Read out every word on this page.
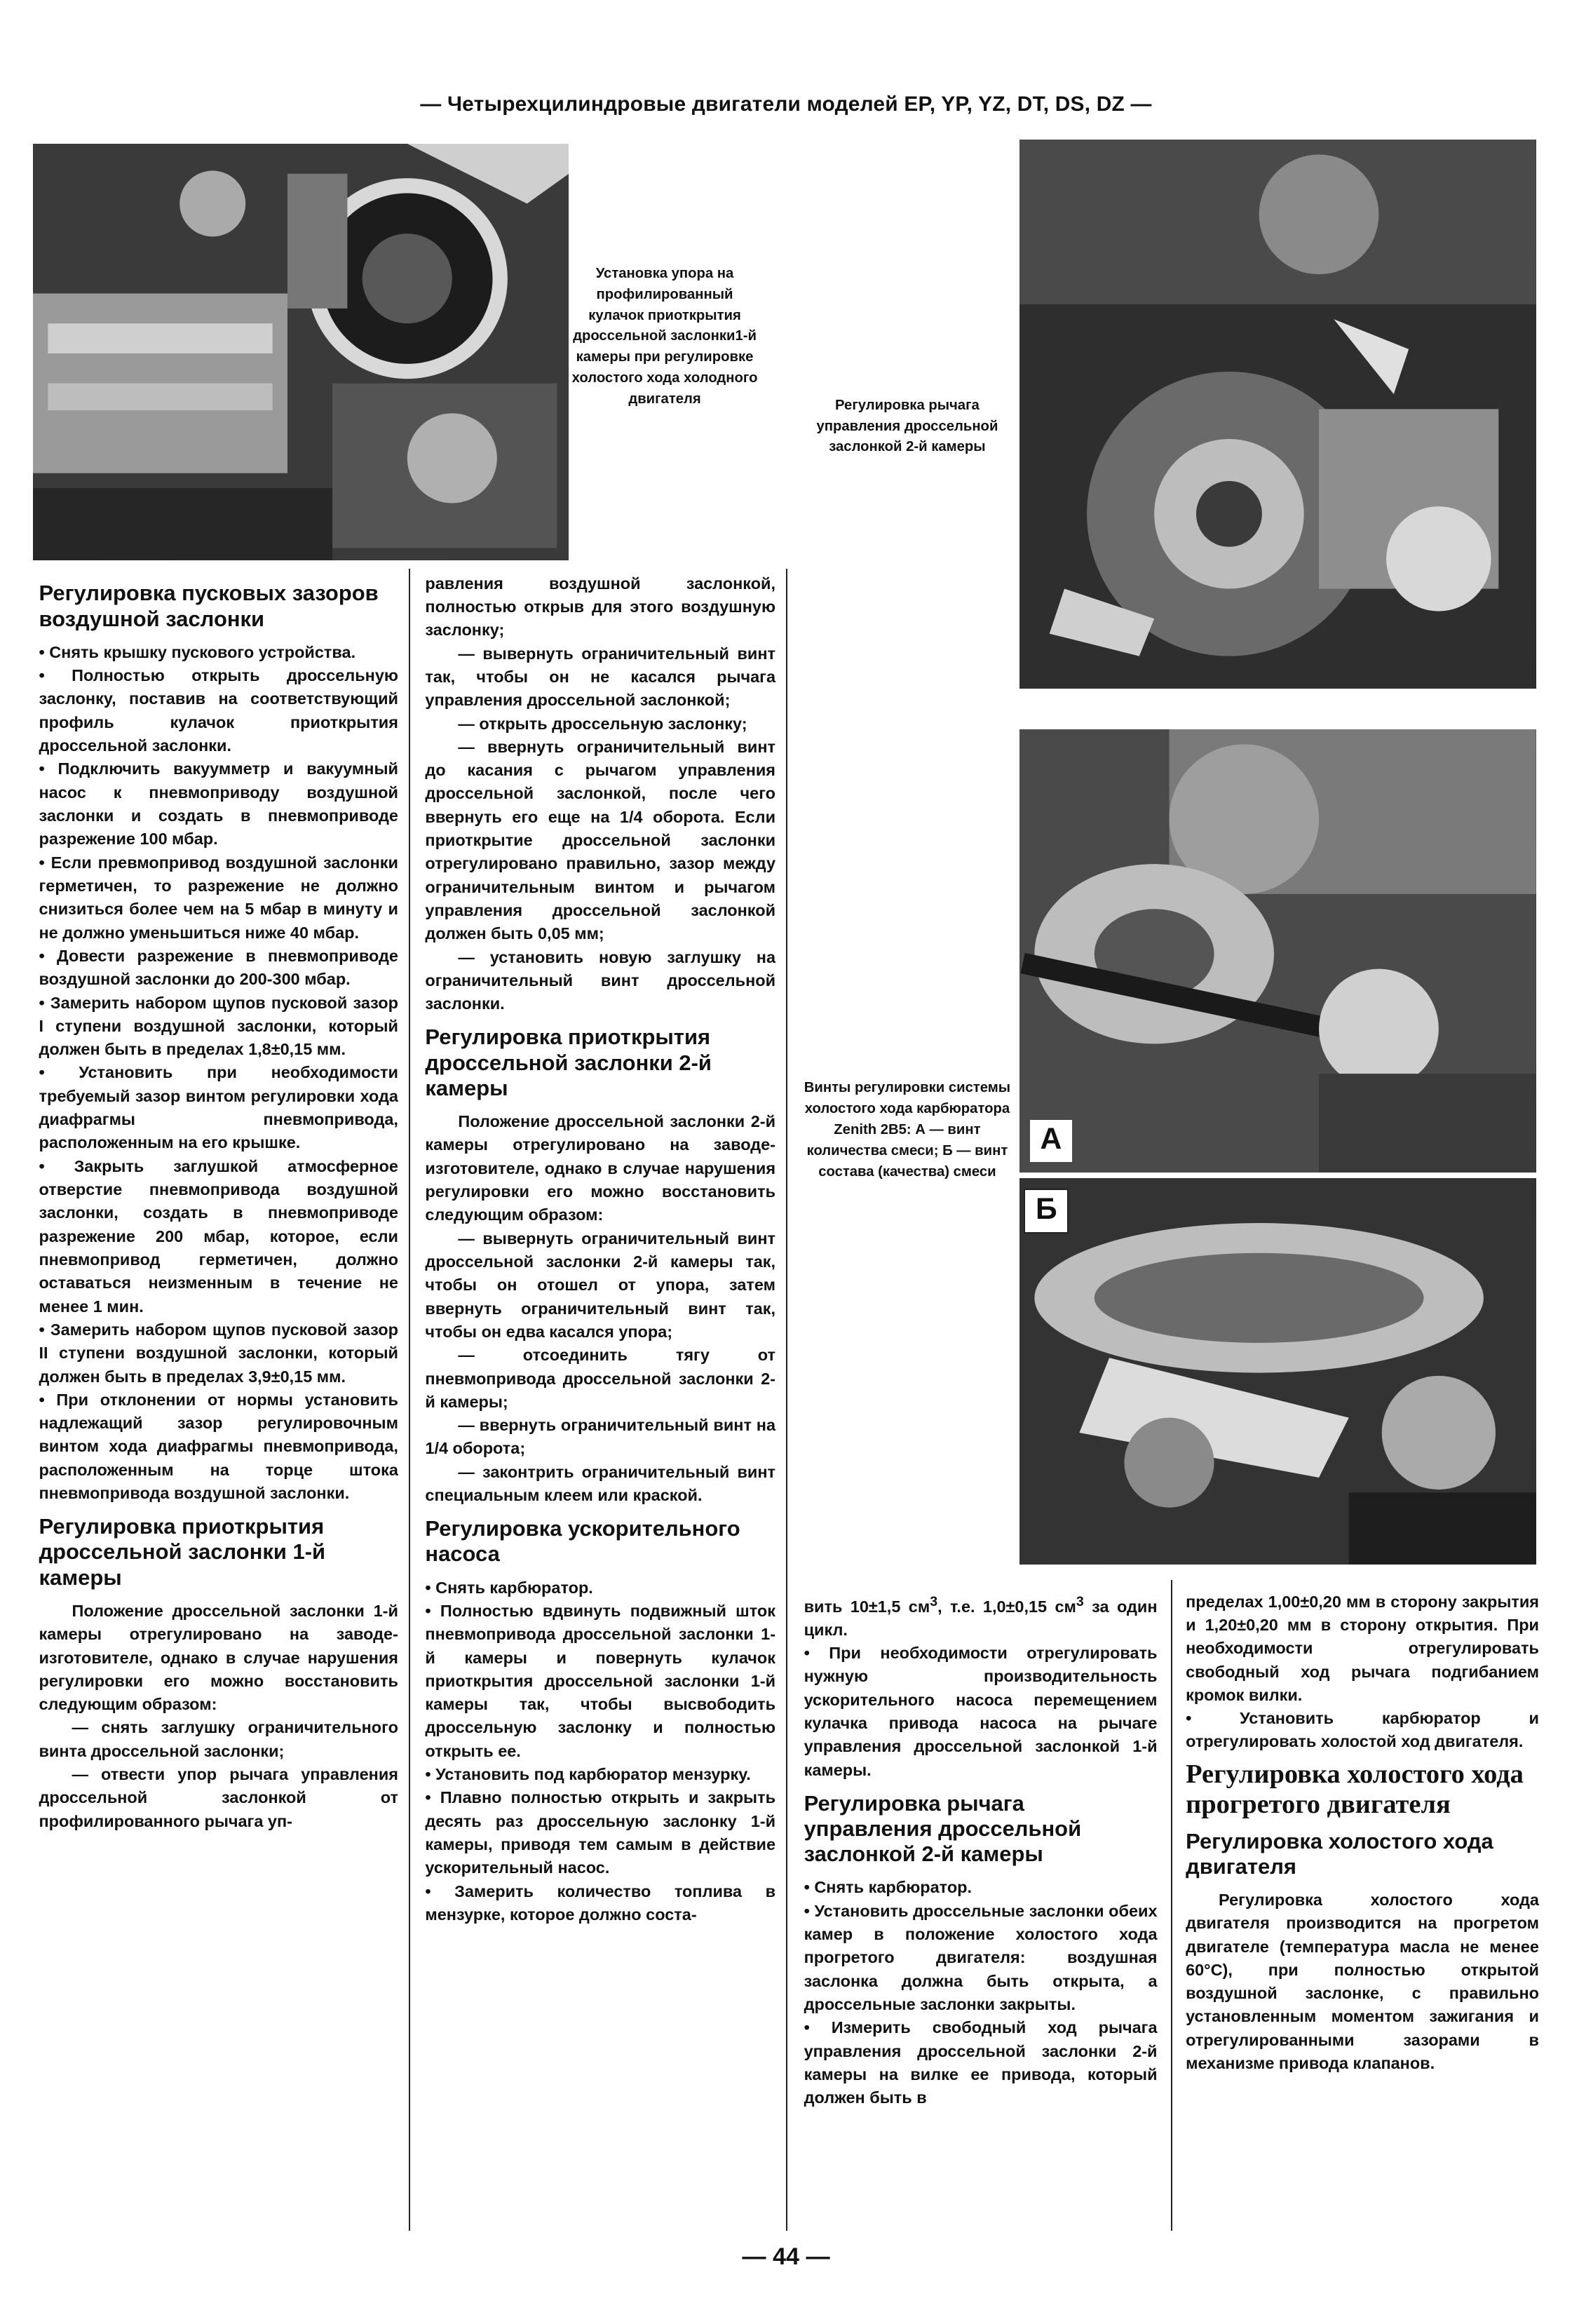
— Четырехцилиндровые двигатели моделей EP, YP, YZ, DT, DS, DZ —
Установка упора на профилированный кулачок приоткрытия дроссельной заслонки1-й камеры при регулировке холостого хода холодного двигателя	Регулировка рычага управления дроссельной заслонкой 2-й камеры
А
Винты регулировки системы холостого хода карбюратора Zenith 2В5: А — винт количества смеси; Б — винт состава (качества) смеси
Б
Регулировка пусковых зазоров воздушной заслонки

• Снять крышку пускового устройства.

• Полностью открыть дроссельную заслонку, поставив на соответствующий профиль кулачок приоткрытия дроссельной заслонки.

• Подключить вакуумметр и вакуумный насос к пневмоприводу воздушной заслонки и создать в пневмоприводе разрежение 100 мбар.

• Если превмопривод воздушной заслонки герметичен, то разрежение не должно снизиться более чем на 5 мбар в минуту и не должно уменьшиться ниже 40 мбар.

• Довести разрежение в пневмоприводе воздушной заслонки до 200-300 мбар.

• Замерить набором щупов пусковой зазор I ступени воздушной заслонки, который должен быть в пределах 1,8±0,15 мм.

• Установить при необходимости требуемый зазор винтом регулировки хода диафрагмы пневмопривода, расположенным на его крышке.

• Закрыть заглушкой атмосферное отверстие пневмопривода воздушной заслонки, создать в пневмоприводе разрежение 200 мбар, которое, если пневмопривод герметичен, должно оставаться неизменным в течение не менее 1 мин.

• Замерить набором щупов пусковой зазор II ступени воздушной заслонки, который должен быть в пределах 3,9±0,15 мм.

• При отклонении от нормы установить надлежащий зазор регулировочным винтом хода диафрагмы пневмопривода, расположенным на торце штока пневмопривода воздушной заслонки.

Регулировка приоткрытия дроссельной заслонки 1-й камеры

Положение дроссельной заслонки 1-й камеры отрегулировано на заводе-изготовителе, однако в случае нарушения регулировки его можно восстановить следующим образом:

— снять заглушку ограничительного винта дроссельной заслонки;

— отвести упор рычага управления дроссельной заслонкой от профилированного рычага уп-

равления воздушной заслонкой, полностью открыв для этого воздушную заслонку;

— вывернуть ограничительный винт так, чтобы он не касался рычага управления дроссельной заслонкой;

— открыть дроссельную заслонку;

— ввернуть ограничительный винт до касания с рычагом управления дроссельной заслонкой, после чего ввернуть его еще на 1/4 оборота. Если приоткрытие дроссельной заслонки отрегулировано правильно, зазор между ограничительным винтом и рычагом управления дроссельной заслонкой должен быть 0,05 мм;

— установить новую заглушку на ограничительный винт дроссельной заслонки.

Регулировка приоткрытия дроссельной заслонки 2-й камеры

Положение дроссельной заслонки 2-й камеры отрегулировано на заводе-изготовителе, однако в случае нарушения регулировки его можно восстановить следующим образом:

— вывернуть ограничительный винт дроссельной заслонки 2-й камеры так, чтобы он отошел от упора, затем ввернуть ограничительный винт так, чтобы он едва касался упора;

— отсоединить тягу от пневмопривода дроссельной заслонки 2-й камеры;

— ввернуть ограничительный винт на 1/4 оборота;

— законтрить ограничительный винт специальным клеем или краской.

Регулировка ускорительного насоса

• Снять карбюратор.

• Полностью вдвинуть подвижный шток пневмопривода дроссельной заслонки 1-й камеры и повернуть кулачок приоткрытия дроссельной заслонки 1-й камеры так, чтобы высвободить дроссельную заслонку и полностью открыть ее.

• Установить под карбюратор мензурку.

• Плавно полностью открыть и закрыть десять раз дроссельную заслонку 1-й камеры, приводя тем самым в действие ускорительный насос.

• Замерить количество топлива в мензурке, которое должно соста-

вить 10±1,5 $см^3$, т.е. 1,0±0,15 $см^3$ за один цикл.

• При необходимости отрегулировать нужную производительность ускорительного насоса перемещением кулачка привода насоса на рычаге управления дроссельной заслонкой 1-й камеры.

Регулировка рычага управления дроссельной заслонкой 2-й камеры

• Снять карбюратор.

• Установить дроссельные заслонки обеих камер в положение холостого хода прогретого двигателя: воздушная заслонка должна быть открыта, а дроссельные заслонки закрыты.

• Измерить свободный ход рычага управления дроссельной заслонки 2-й камеры на вилке ее привода, который должен быть в

пределах 1,00±0,20 мм в сторону закрытия и 1,20±0,20 мм в сторону открытия. При необходимости отрегулировать свободный ход рычага подгибанием кромок вилки.

• Установить карбюратор и отрегулировать холостой ход двигателя.

Регулировка холостого хода прогретого двигателя
Регулировка холостого хода двигателя

Регулировка холостого хода двигателя производится на прогретом двигателе (температура масла не менее 60°С), при полностью открытой воздушной заслонке, с правильно установленным моментом зажигания и отрегулированными зазорами в механизме привода клапанов.

— 44 —
